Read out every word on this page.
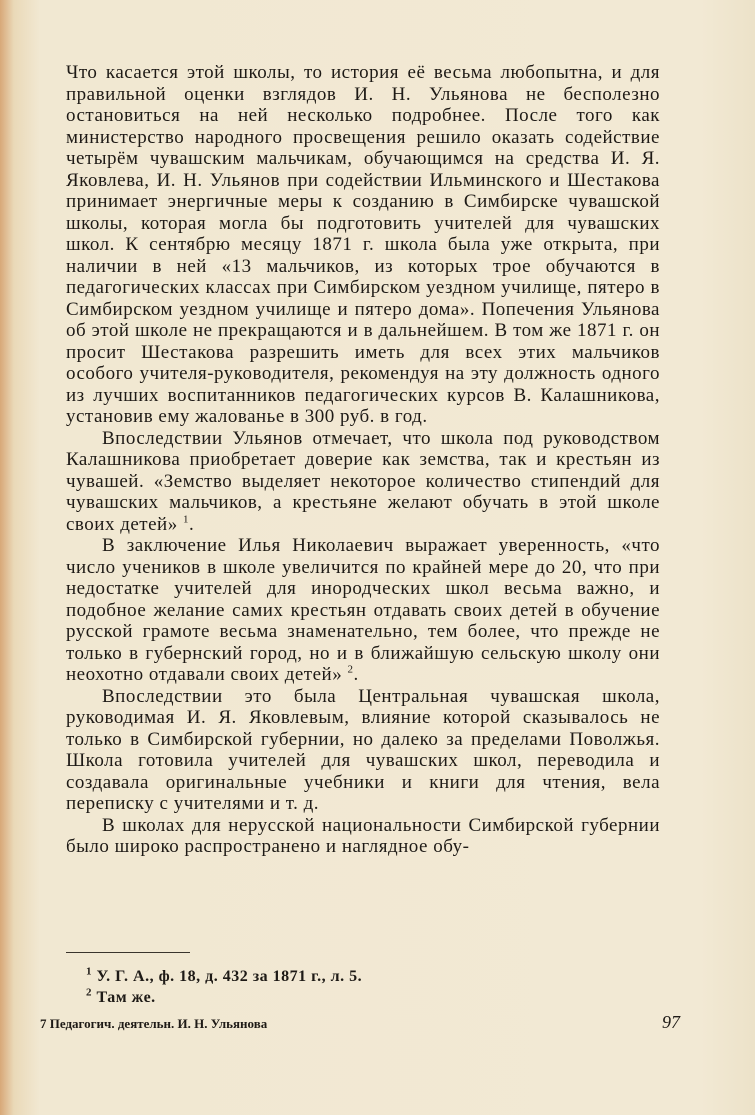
Что касается этой школы, то история её весьма любопытна, и для правильной оценки взглядов И. Н. Ульянова не бесполезно остановиться на ней несколько подробнее. После того как министерство народного просвещения решило оказать содействие четырём чувашским мальчикам, обучающимся на средства И. Я. Яковлева, И. Н. Ульянов при содействии Ильминского и Шестакова принимает энергичные меры к созданию в Симбирске чувашской школы, которая могла бы подготовить учителей для чувашских школ. К сентябрю месяцу 1871 г. школа была уже открыта, при наличии в ней «13 мальчиков, из которых трое обучаются в педагогических классах при Симбирском уездном училище, пятеро в Симбирском уездном училище и пятеро дома». Попечения Ульянова об этой школе не прекращаются и в дальнейшем. В том же 1871 г. он просит Шестакова разрешить иметь для всех этих мальчиков особого учителя-руководителя, рекомендуя на эту должность одного из лучших воспитанников педагогических курсов В. Калашникова, установив ему жалованье в 300 руб. в год.

Впоследствии Ульянов отмечает, что школа под руководством Калашникова приобретает доверие как земства, так и крестьян из чувашей. «Земство выделяет некоторое количество стипендий для чувашских мальчиков, а крестьяне желают обучать в этой школе своих детей» $^1$.

В заключение Илья Николаевич выражает уверенность, «что число учеников в школе увеличится по крайней мере до 20, что при недостатке учителей для инородческих школ весьма важно, и подобное желание самих крестьян отдавать своих детей в обучение русской грамоте весьма знаменательно, тем более, что прежде не только в губернский город, но и в ближайшую сельскую школу они неохотно отдавали своих детей» $^2$.

Впоследствии это была Центральная чувашская школа, руководимая И. Я. Яковлевым, влияние которой сказывалось не только в Симбирской губернии, но далеко за пределами Поволжья. Школа готовила учителей для чувашских школ, переводила и создавала оригинальные учебники и книги для чтения, вела переписку с учителями и т. д.

В школах для нерусской национальности Симбирской губернии было широко распространено и наглядное обу-

$^1$ У. Г. А., ф. 18, д. 432 за 1871 г., л. 5.

$^2$ Там же.

7 Педагогич. деятельн. И. Н. Ульянова	97
